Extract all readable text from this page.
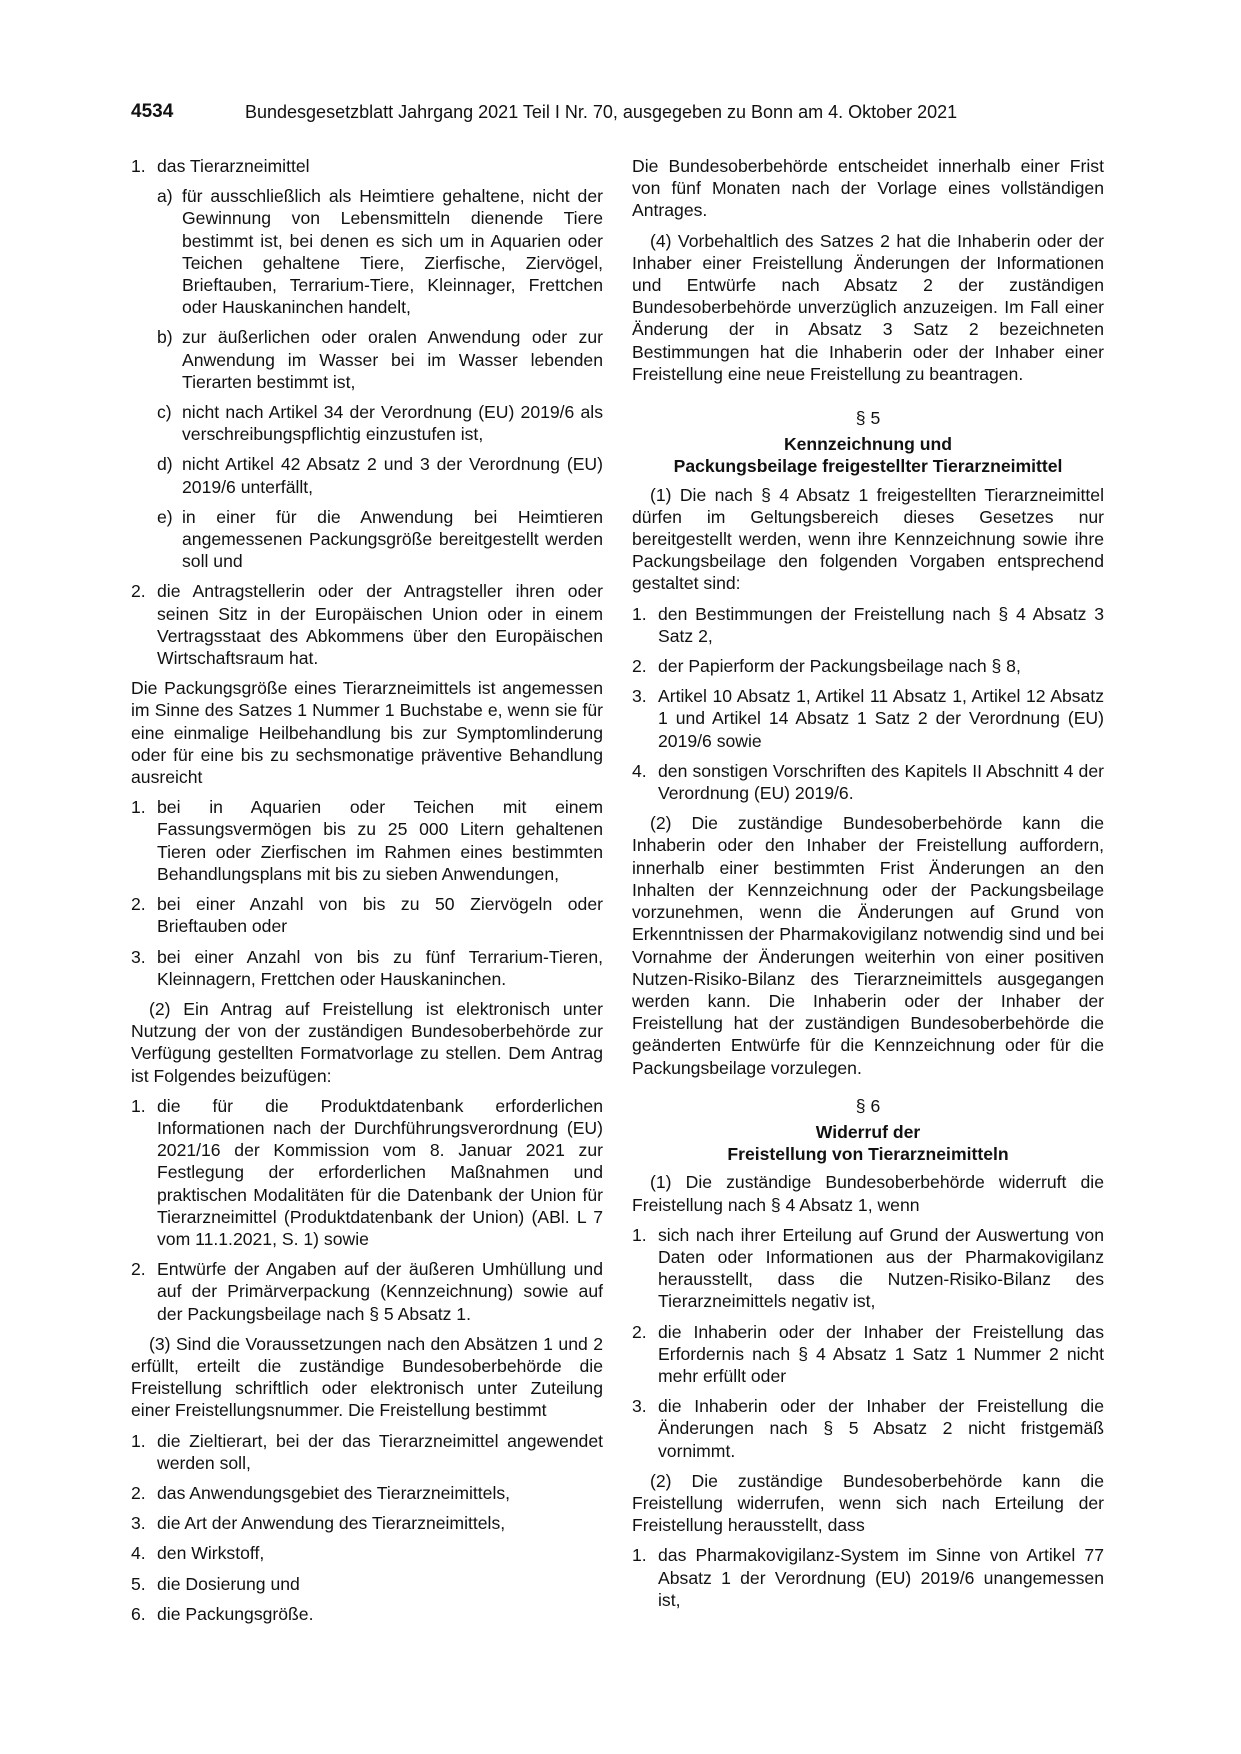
4534	Bundesgesetzblatt Jahrgang 2021 Teil I Nr. 70, ausgegeben zu Bonn am 4. Oktober 2021
1. das Tierarzneimittel
a) für ausschließlich als Heimtiere gehaltene, nicht der Gewinnung von Lebensmitteln dienende Tiere bestimmt ist, bei denen es sich um in Aquarien oder Teichen gehaltene Tiere, Zierfische, Ziervögel, Brieftauben, Terrarium-Tiere, Kleinnager, Frettchen oder Hauskaninchen handelt,
b) zur äußerlichen oder oralen Anwendung oder zur Anwendung im Wasser bei im Wasser lebenden Tierarten bestimmt ist,
c) nicht nach Artikel 34 der Verordnung (EU) 2019/6 als verschreibungspflichtig einzustufen ist,
d) nicht Artikel 42 Absatz 2 und 3 der Verordnung (EU) 2019/6 unterfällt,
e) in einer für die Anwendung bei Heimtieren angemessenen Packungsgröße bereitgestellt werden soll und
2. die Antragstellerin oder der Antragsteller ihren oder seinen Sitz in der Europäischen Union oder in einem Vertragsstaat des Abkommens über den Europäischen Wirtschaftsraum hat.

Die Packungsgröße eines Tierarzneimittels ist angemessen im Sinne des Satzes 1 Nummer 1 Buchstabe e, wenn sie für eine einmalige Heilbehandlung bis zur Symptomlinderung oder für eine bis zu sechsmonatige präventive Behandlung ausreicht

1. bei in Aquarien oder Teichen mit einem Fassungsvermögen bis zu 25 000 Litern gehaltenen Tieren oder Zierfischen im Rahmen eines bestimmten Behandlungsplans mit bis zu sieben Anwendungen,
2. bei einer Anzahl von bis zu 50 Ziervögeln oder Brieftauben oder
3. bei einer Anzahl von bis zu fünf Terrarium-Tieren, Kleinnagern, Frettchen oder Hauskaninchen.

(2) Ein Antrag auf Freistellung ist elektronisch unter Nutzung der von der zuständigen Bundesoberbehörde zur Verfügung gestellten Formatvorlage zu stellen. Dem Antrag ist Folgendes beizufügen:

1. die für die Produktdatenbank erforderlichen Informationen nach der Durchführungsverordnung (EU) 2021/16 der Kommission vom 8. Januar 2021 zur Festlegung der erforderlichen Maßnahmen und praktischen Modalitäten für die Datenbank der Union für Tierarzneimittel (Produktdatenbank der Union) (ABl. L 7 vom 11.1.2021, S. 1) sowie
2. Entwürfe der Angaben auf der äußeren Umhüllung und auf der Primärverpackung (Kennzeichnung) sowie auf der Packungsbeilage nach § 5 Absatz 1.

(3) Sind die Voraussetzungen nach den Absätzen 1 und 2 erfüllt, erteilt die zuständige Bundesoberbehörde die Freistellung schriftlich oder elektronisch unter Zuteilung einer Freistellungsnummer. Die Freistellung bestimmt

1. die Zieltierart, bei der das Tierarzneimittel angewendet werden soll,
2. das Anwendungsgebiet des Tierarzneimittels,
3. die Art der Anwendung des Tierarzneimittels,
4. den Wirkstoff,
5. die Dosierung und
6. die Packungsgröße.

Die Bundesoberbehörde entscheidet innerhalb einer Frist von fünf Monaten nach der Vorlage eines vollständigen Antrages.

(4) Vorbehaltlich des Satzes 2 hat die Inhaberin oder der Inhaber einer Freistellung Änderungen der Informationen und Entwürfe nach Absatz 2 der zuständigen Bundesoberbehörde unverzüglich anzuzeigen. Im Fall einer Änderung der in Absatz 3 Satz 2 bezeichneten Bestimmungen hat die Inhaberin oder der Inhaber einer Freistellung eine neue Freistellung zu beantragen.

§ 5
Kennzeichnung und
Packungsbeilage freigestellter Tierarzneimittel

(1) Die nach § 4 Absatz 1 freigestellten Tierarzneimittel dürfen im Geltungsbereich dieses Gesetzes nur bereitgestellt werden, wenn ihre Kennzeichnung sowie ihre Packungsbeilage den folgenden Vorgaben entsprechend gestaltet sind:

1. den Bestimmungen der Freistellung nach § 4 Absatz 3 Satz 2,
2. der Papierform der Packungsbeilage nach § 8,
3. Artikel 10 Absatz 1, Artikel 11 Absatz 1, Artikel 12 Absatz 1 und Artikel 14 Absatz 1 Satz 2 der Verordnung (EU) 2019/6 sowie
4. den sonstigen Vorschriften des Kapitels II Abschnitt 4 der Verordnung (EU) 2019/6.

(2) Die zuständige Bundesoberbehörde kann die Inhaberin oder den Inhaber der Freistellung auffordern, innerhalb einer bestimmten Frist Änderungen an den Inhalten der Kennzeichnung oder der Packungsbeilage vorzunehmen, wenn die Änderungen auf Grund von Erkenntnissen der Pharmakovigilanz notwendig sind und bei Vornahme der Änderungen weiterhin von einer positiven Nutzen-Risiko-Bilanz des Tierarzneimittels ausgegangen werden kann. Die Inhaberin oder der Inhaber der Freistellung hat der zuständigen Bundesoberbehörde die geänderten Entwürfe für die Kennzeichnung oder für die Packungsbeilage vorzulegen.

§ 6
Widerruf der
Freistellung von Tierarzneimitteln

(1) Die zuständige Bundesoberbehörde widerruft die Freistellung nach § 4 Absatz 1, wenn

1. sich nach ihrer Erteilung auf Grund der Auswertung von Daten oder Informationen aus der Pharmakovigilanz herausstellt, dass die Nutzen-Risiko-Bilanz des Tierarzneimittels negativ ist,
2. die Inhaberin oder der Inhaber der Freistellung das Erfordernis nach § 4 Absatz 1 Satz 1 Nummer 2 nicht mehr erfüllt oder
3. die Inhaberin oder der Inhaber der Freistellung die Änderungen nach § 5 Absatz 2 nicht fristgemäß vornimmt.

(2) Die zuständige Bundesoberbehörde kann die Freistellung widerrufen, wenn sich nach Erteilung der Freistellung herausstellt, dass

1. das Pharmakovigilanz-System im Sinne von Artikel 77 Absatz 1 der Verordnung (EU) 2019/6 unangemessen ist,
